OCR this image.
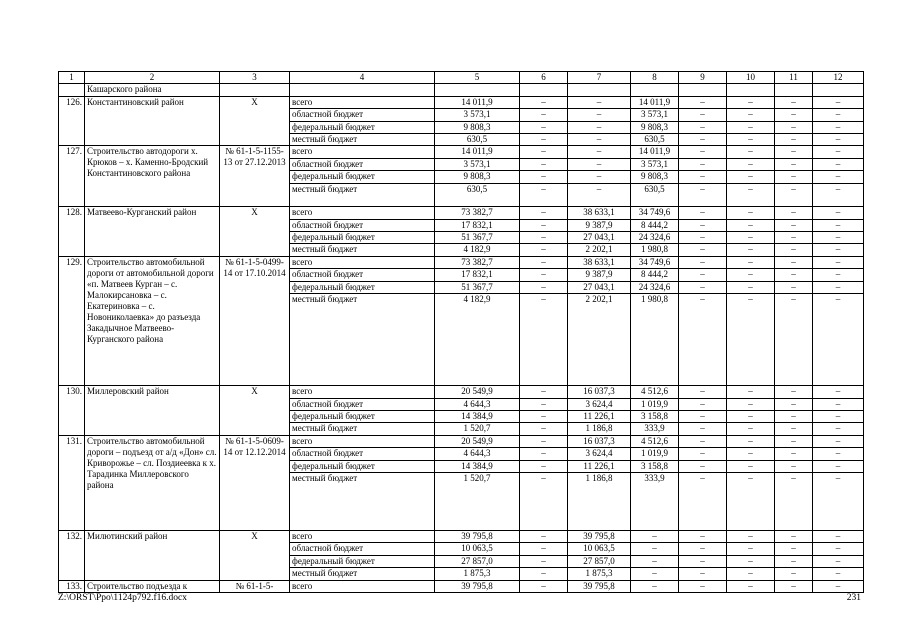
1	2	3	4	5	6	7	8	9	10	11	12
	Кашарского района										
126.	Константиновский район	Х	всего	14 011,9	–	–	14 011,9	–	–	–	–
			областной бюджет	3 573,1	–	–	3 573,1	–	–	–	–
			федеральный бюджет	9 808,3	–	–	9 808,3	–	–	–	–
			местный бюджет	630,5	–	–	630,5	–	–	–	–
127.	Строительство автодороги х. Крюков – х. Каменно-Бродский Константиновского района	№ 61-1-5-1155-13 от 27.12.2013	всего	14 011,9	–	–	14 011,9	–	–	–	–
			областной бюджет	3 573,1	–	–	3 573,1	–	–	–	–
			федеральный бюджет	9 808,3	–	–	9 808,3	–	–	–	–
			местный бюджет	630,5	–	–	630,5	–	–	–	–
128.	Матвеево-Курганский район	Х	всего	73 382,7	–	38 633,1	34 749,6	–	–	–	–
			областной бюджет	17 832,1	–	9 387,9	8 444,2	–	–	–	–
			федеральный бюджет	51 367,7	–	27 043,1	24 324,6	–	–	–	–
			местный бюджет	4 182,9	–	2 202,1	1 980,8	–	–	–	–
129.	Строительство автомобильной дороги от автомобильной дороги «п. Матвеев Курган – с. Малокирсановка – с. Екатериновка – с. Новониколаевка» до разъезда Закадычное Матвеево-Курганского района	№ 61-1-5-0499-14 от 17.10.2014	всего	73 382,7	–	38 633,1	34 749,6	–	–	–	–
			областной бюджет	17 832,1	–	9 387,9	8 444,2	–	–	–	–
			федеральный бюджет	51 367,7	–	27 043,1	24 324,6	–	–	–	–
			местный бюджет	4 182,9	–	2 202,1	1 980,8	–	–	–	–
130.	Миллеровский район	Х	всего	20 549,9	–	16 037,3	4 512,6	–	–	–	–
			областной бюджет	4 644,3	–	3 624,4	1 019,9	–	–	–	–
			федеральный бюджет	14 384,9	–	11 226,1	3 158,8	–	–	–	–
			местный бюджет	1 520,7	–	1 186,8	333,9	–	–	–	–
131.	Строительство автомобильной дороги – подъезд от а/д «Дон» сл. Криворожье – сл. Поздиеевка к х. Тарадинка Миллеровского района	№ 61-1-5-0609-14 от 12.12.2014	всего	20 549,9	–	16 037,3	4 512,6	–	–	–	–
			областной бюджет	4 644,3	–	3 624,4	1 019,9	–	–	–	–
			федеральный бюджет	14 384,9	–	11 226,1	3 158,8	–	–	–	–
			местный бюджет	1 520,7	–	1 186,8	333,9	–	–	–	–
132.	Милютинский район	Х	всего	39 795,8	–	39 795,8	–	–	–	–	–
			областной бюджет	10 063,5	–	10 063,5	–	–	–	–	–
			федеральный бюджет	27 857,0	–	27 857,0	–	–	–	–	–
			местный бюджет	1 875,3	–	1 875,3	–	–	–	–	–
133.	Строительство подъезда к	№ 61-1-5-	всего	39 795,8	–	39 795,8	–	–	–	–	–
Z:\ORST\Ppo\1124p792.f16.docx	231
